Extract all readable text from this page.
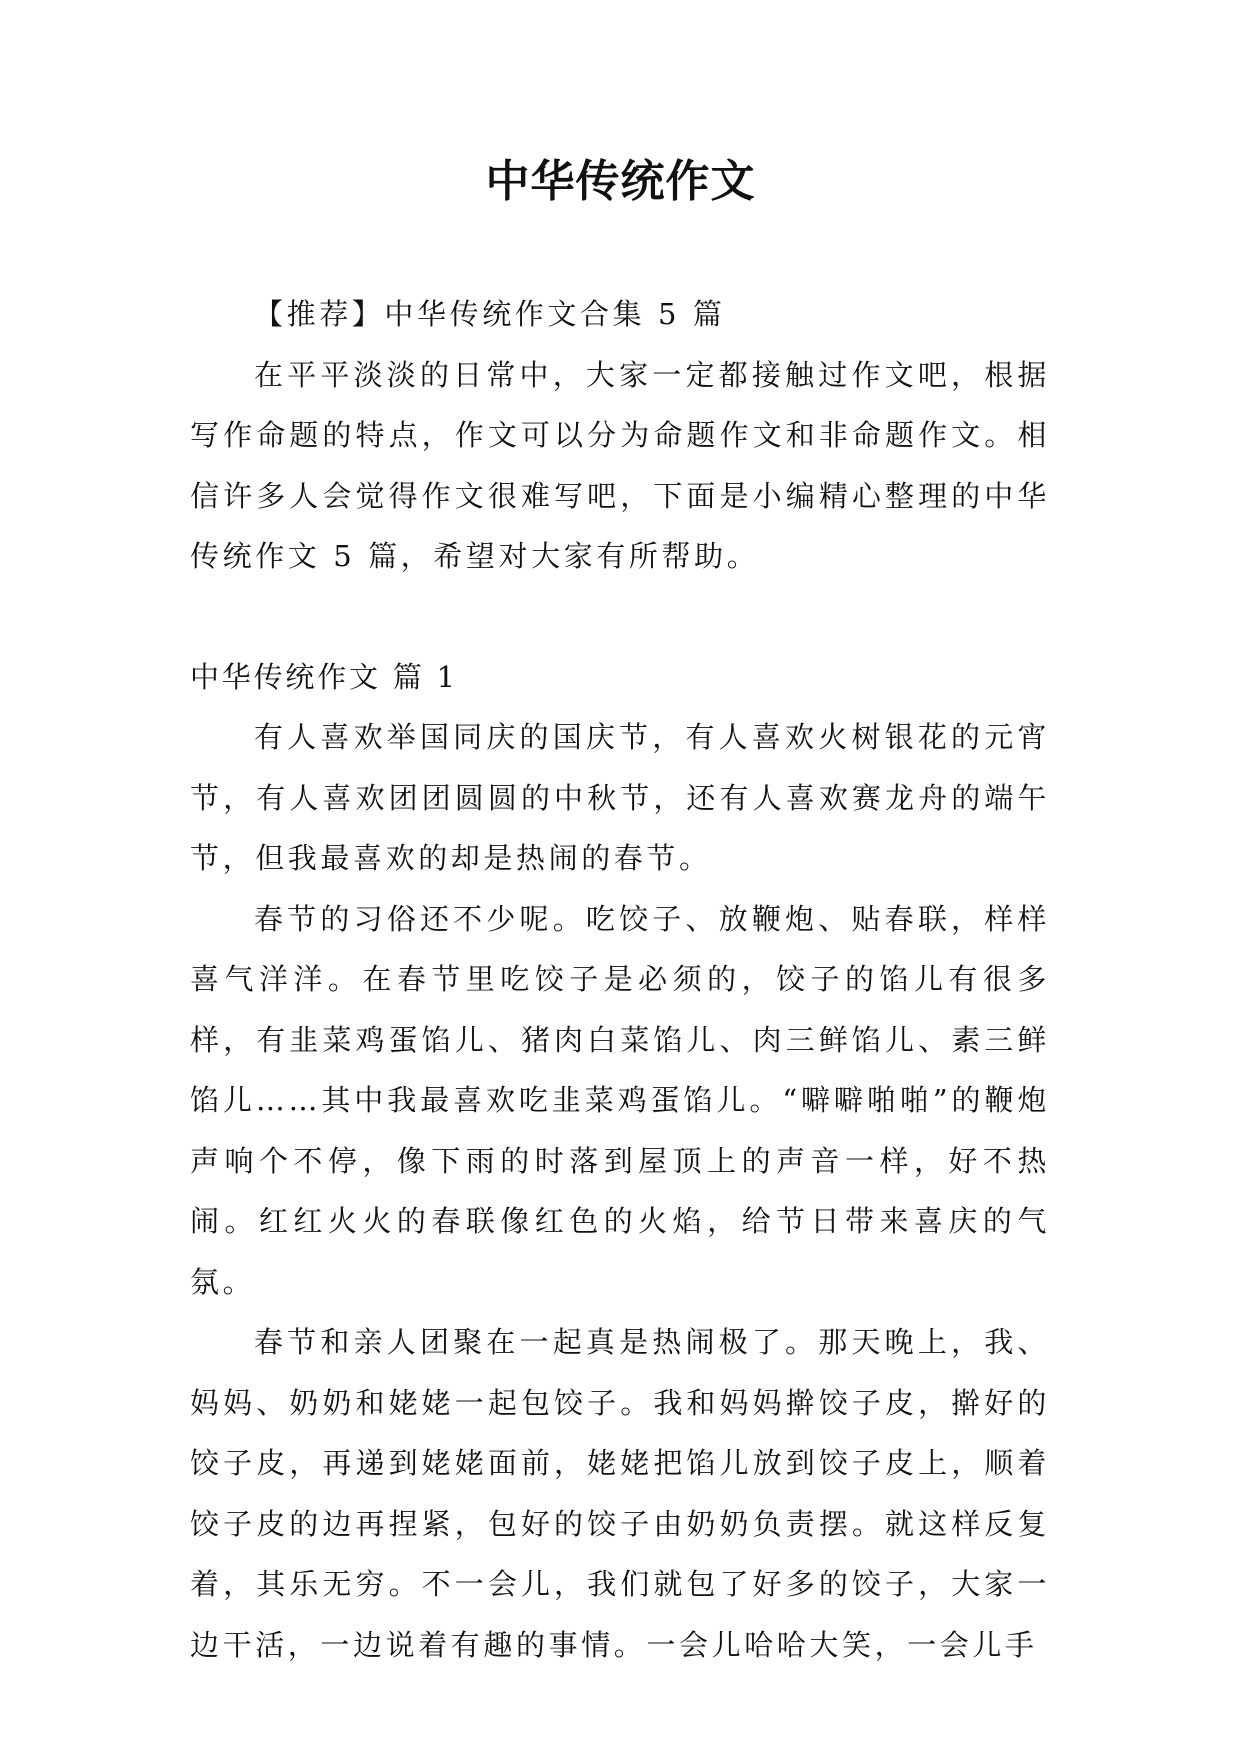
中华传统作文

【推荐】中华传统作文合集 5 篇

在平平淡淡的日常中，大家一定都接触过作文吧，根据写作命题的特点，作文可以分为命题作文和非命题作文。相信许多人会觉得作文很难写吧，下面是小编精心整理的中华传统作文 5 篇，希望对大家有所帮助。

中华传统作文 篇 1

有人喜欢举国同庆的国庆节，有人喜欢火树银花的元宵节，有人喜欢团团圆圆的中秋节，还有人喜欢赛龙舟的端午节，但我最喜欢的却是热闹的春节。

春节的习俗还不少呢。吃饺子、放鞭炮、贴春联，样样喜气洋洋。在春节里吃饺子是必须的，饺子的馅儿有很多样，有韭菜鸡蛋馅儿、猪肉白菜馅儿、肉三鲜馅儿、素三鲜馅儿……其中我最喜欢吃韭菜鸡蛋馅儿。“噼噼啪啪”的鞭炮声响个不停，像下雨的时落到屋顶上的声音一样，好不热闹。红红火火的春联像红色的火焰，给节日带来喜庆的气氛。

春节和亲人团聚在一起真是热闹极了。那天晚上，我、妈妈、奶奶和姥姥一起包饺子。我和妈妈擀饺子皮，擀好的饺子皮，再递到姥姥面前，姥姥把馅儿放到饺子皮上，顺着饺子皮的边再捏紧，包好的饺子由奶奶负责摆。就这样反复着，其乐无穷。不一会儿，我们就包了好多的饺子，大家一边干活，一边说着有趣的事情。一会儿哈哈大笑，一会儿手
